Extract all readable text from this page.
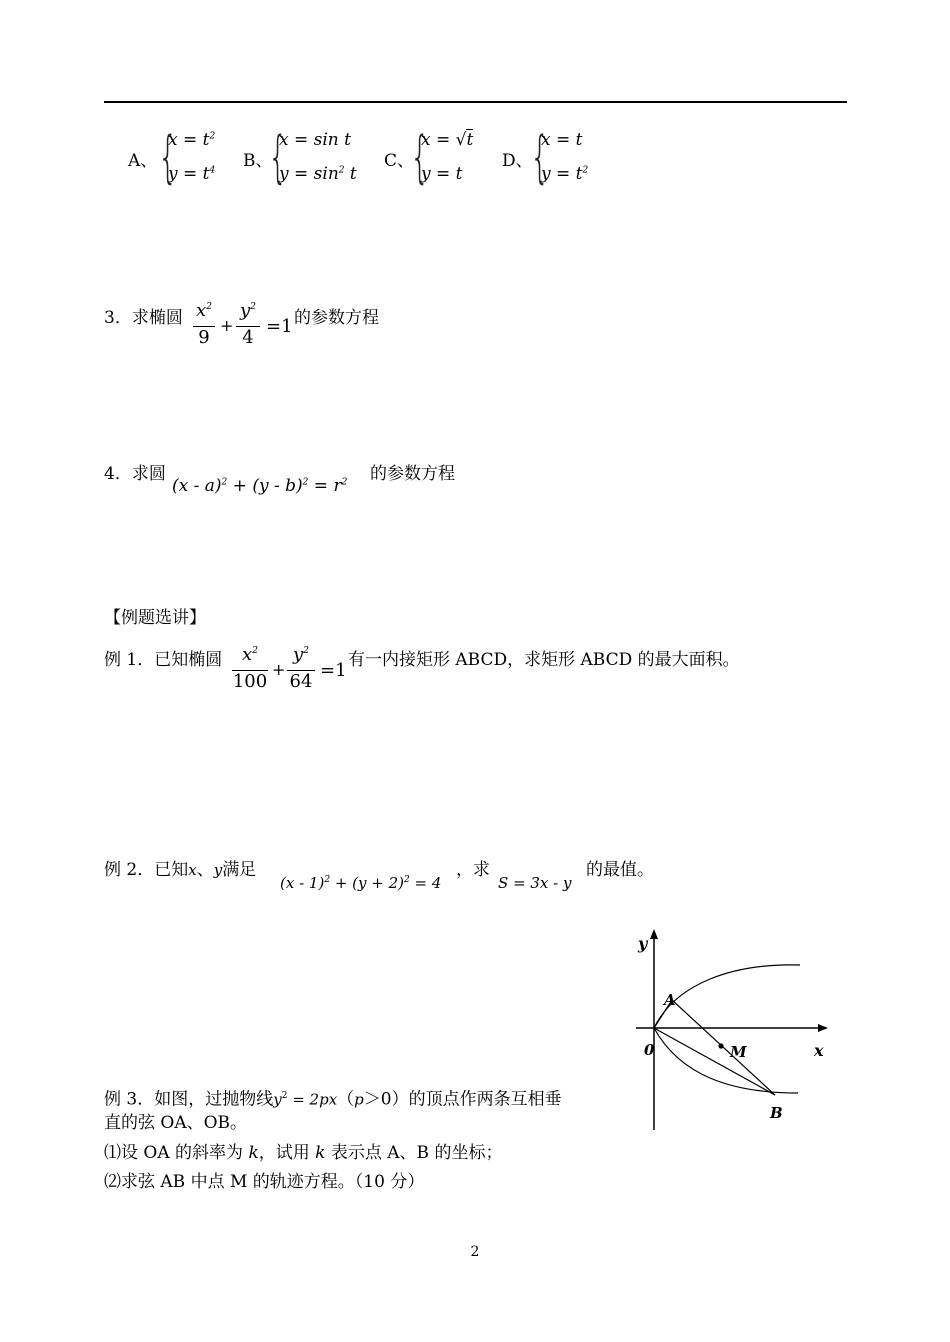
A、 {
$x = t^2$
$y = t^4$ B、
{
x = sin t
$y = \sin^2 t$
C、
{
x = √t
y = t
D、
{
x = t
$y = t^2$
3．求椭圆 $x^2$
9
+
$y^2$
4
=1 的参数方程
4．求圆
$(x - a)^2 + (y - b)^2 = r^2$ 的参数方程
【例题选讲】
例 1．已知椭圆	$x^2$
100
+
$y^2$
64
=1 有一内接矩形 ABCD，求矩形 ABCD 的最大面积。
例 2．已知x、y满足
$(x - 1)^2 + (y + 2)^2 = 4$
，求
S = 3x - y
的最值。
y
x
0
A
B
M
例 3．如图，过抛物线$y^2 = 2px(p>0)$的顶点作两条互相垂
直的弦 OA、OB。
⑴设 OA 的斜率为 k，试用 k 表示点 A、B 的坐标；
⑵求弦 AB 中点 M 的轨迹方程。（10 分）
2
